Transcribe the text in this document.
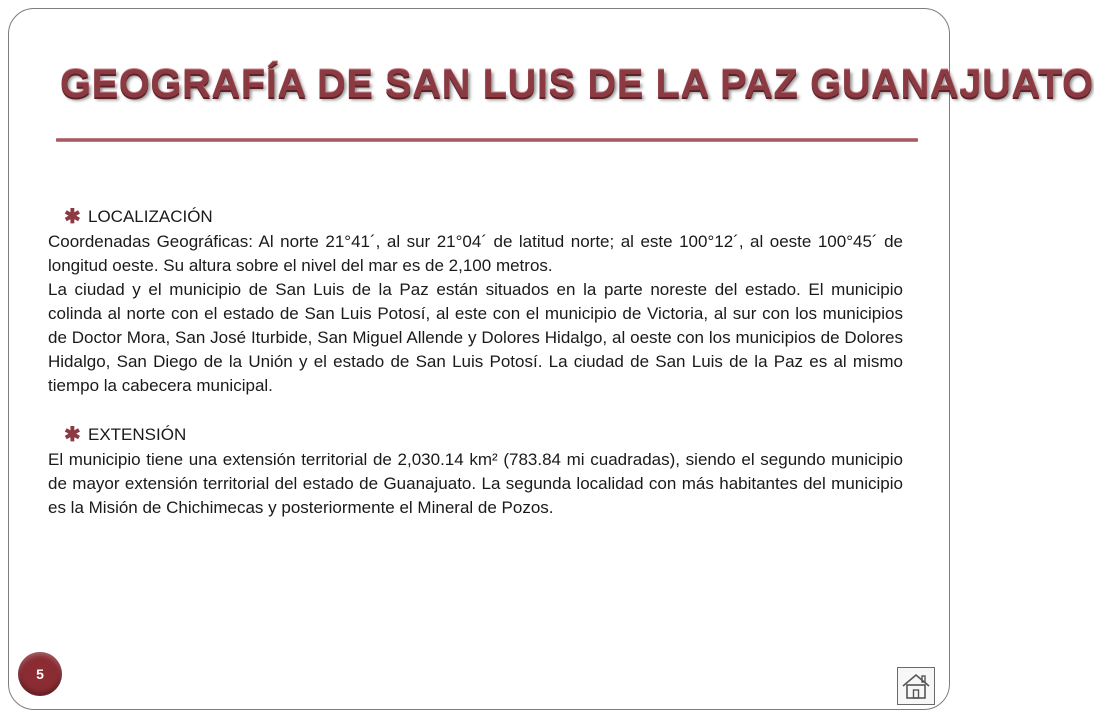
GEOGRAFÍA DE SAN LUIS DE LA PAZ GUANAJUATO
✱ LOCALIZACIÓN

Coordenadas Geográficas: Al norte 21°41´, al sur 21°04´ de latitud norte; al este 100°12´, al oeste 100°45´ de longitud oeste. Su altura sobre el nivel del mar es de 2,100 metros.

La ciudad y el municipio de San Luis de la Paz están situados en la parte noreste del estado. El municipio colinda al norte con el estado de San Luis Potosí, al este con el municipio de Victoria, al sur con los municipios de Doctor Mora, San José Iturbide, San Miguel Allende y Dolores Hidalgo, al oeste con los municipios de Dolores Hidalgo, San Diego de la Unión y el estado de San Luis Potosí. La ciudad de San Luis de la Paz es al mismo tiempo la cabecera municipal.

✱ EXTENSIÓN

El municipio tiene una extensión territorial de 2,030.14 km² (783.84 mi cuadradas), siendo el segundo municipio de mayor extensión territorial del estado de Guanajuato. La segunda localidad con más habitantes del municipio es la Misión de Chichimecas y posteriormente el Mineral de Pozos.

5
